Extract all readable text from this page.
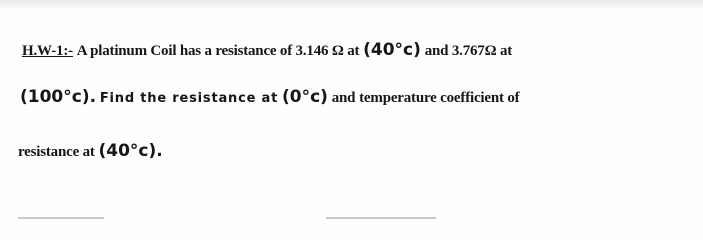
H.W-1:- A platinum Coil has a resistance of 3.146 Ω at (40°c) and 3.767Ω at
(100°c). Find the resistance at (0°c) and temperature coefficient of
resistance at (40°c).
